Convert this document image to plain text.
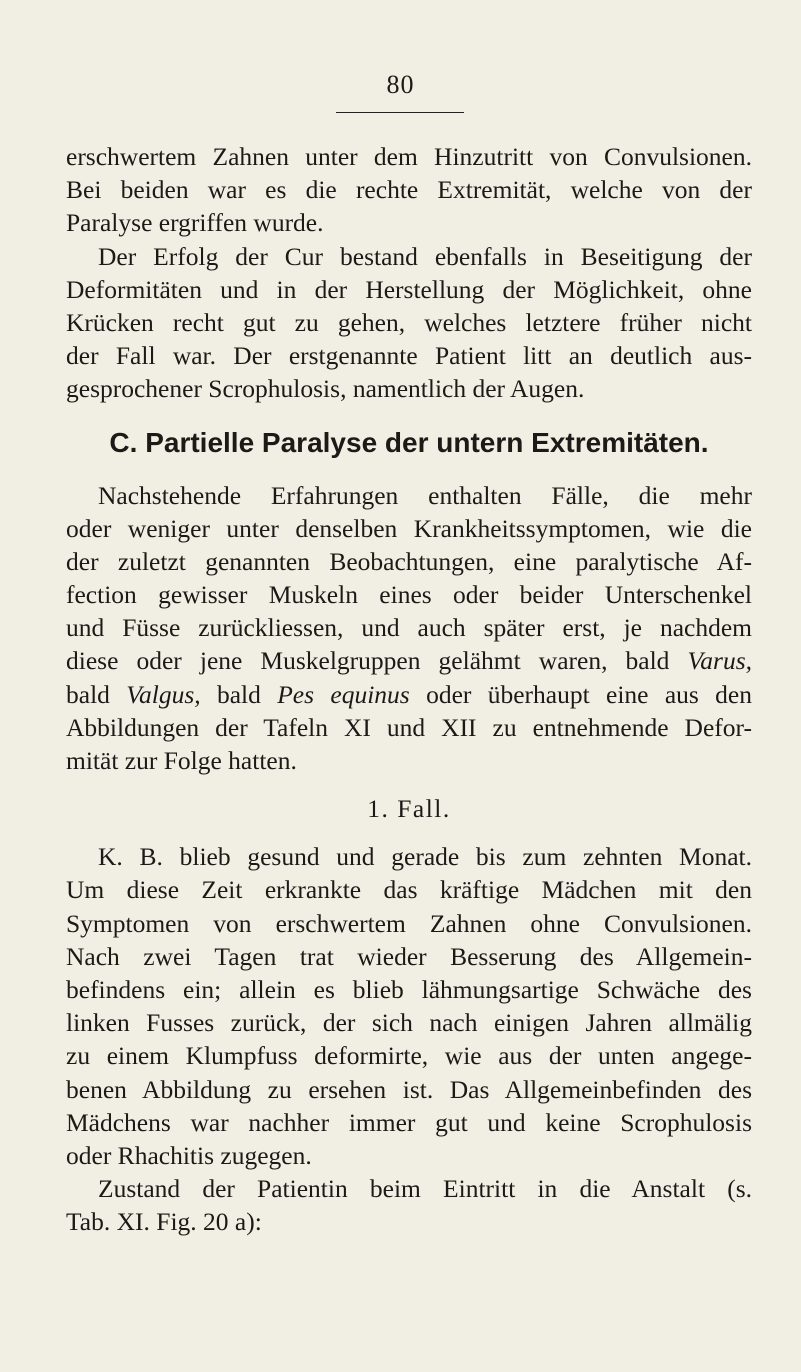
80
erschwertem Zahnen unter dem Hinzutritt von Convulsionen.
Bei beiden war es die rechte Extremität, welche von der
Paralyse ergriffen wurde.
Der Erfolg der Cur bestand ebenfalls in Beseitigung der
Deformitäten und in der Herstellung der Möglichkeit, ohne
Krücken recht gut zu gehen, welches letztere früher nicht
der Fall war. Der erstgenannte Patient litt an deutlich aus-
gesprochener Scrophulosis, namentlich der Augen.
C. Partielle Paralyse der untern Extremitäten.
Nachstehende Erfahrungen enthalten Fälle, die mehr
oder weniger unter denselben Krankheitssymptomen, wie die
der zuletzt genannten Beobachtungen, eine paralytische Af-
fection gewisser Muskeln eines oder beider Unterschenkel
und Füsse zurückliessen, und auch später erst, je nachdem
diese oder jene Muskelgruppen gelähmt waren, bald Varus,
bald Valgus, bald Pes equinus oder überhaupt eine aus den
Abbildungen der Tafeln XI und XII zu entnehmende Defor-
mität zur Folge hatten.
1. Fall.
K. B. blieb gesund und gerade bis zum zehnten Monat.
Um diese Zeit erkrankte das kräftige Mädchen mit den
Symptomen von erschwertem Zahnen ohne Convulsionen.
Nach zwei Tagen trat wieder Besserung des Allgemein-
befindens ein; allein es blieb lähmungsartige Schwäche des
linken Fusses zurück, der sich nach einigen Jahren allmälig
zu einem Klumpfuss deformirte, wie aus der unten angege-
benen Abbildung zu ersehen ist. Das Allgemeinbefinden des
Mädchens war nachher immer gut und keine Scrophulosis
oder Rhachitis zugegen.
Zustand der Patientin beim Eintritt in die Anstalt (s.
Tab. XI. Fig. 20 a):
